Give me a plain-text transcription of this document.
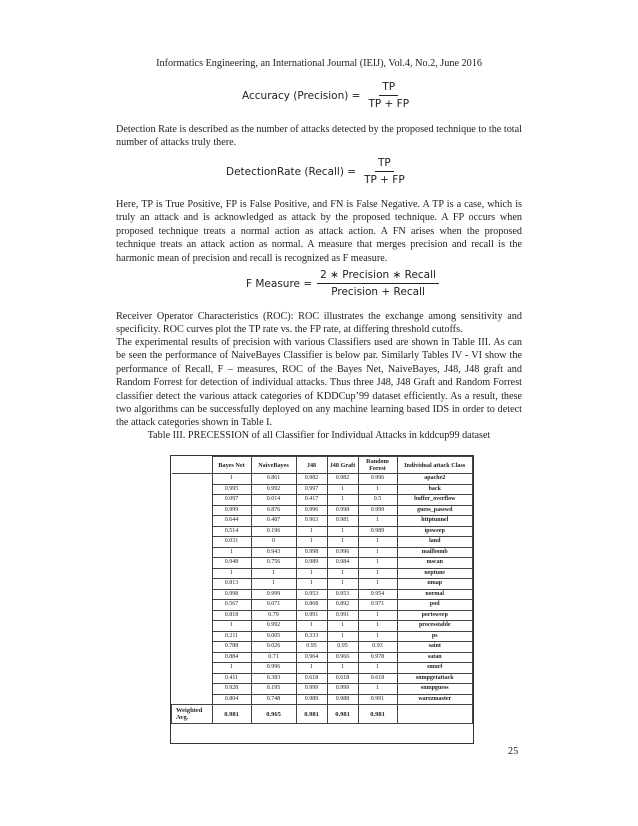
Informatics Engineering, an International Journal (IEIJ), Vol.4, No.2, June 2016
Accuracy (Precision) = $\frac{TP}{TP + FP}$
Detection Rate is described as the number of attacks detected by the proposed technique to the total number of attacks truly there.
DetectionRate (Recall) = $\frac{TP}{TP + FP}$
Here, TP is True Positive, FP is False Positive, and FN is False Negative. A TP is a case, which is truly an attack and is acknowledged as attack by the proposed technique. A FP occurs when proposed technique treats a normal action as attack action. A FN arises when the proposed technique treats an attack action as normal. A measure that merges precision and recall is the harmonic mean of precision and recall is recognized as F measure.
F Measure = $\frac{\text{2 ∗ Precision ∗ Recall}}{\text{Precision + Recall}}$
Receiver Operator Characteristics (ROC): ROC illustrates the exchange among sensitivity and specificity. ROC curves plot the TP rate vs. the FP rate, at differing threshold cutoffs.
The experimental results of precision with various Classifiers used are shown in Table III. As can be seen the performance of NaiveBayes Classifier is below par. Similarly Tables IV - VI show the performance of Recall, F – measures, ROC of the Bayes Net, NaiveBayes, J48, J48 graft and Random Forrest for detection of individual attacks. Thus three J48, J48 Graft and Random Forrest classifier detect the various attack categories of KDDCup’99 dataset efficiently. As a result, these two algorithms can be successfully deployed on any machine learning based IDS in order to detect the attack categories shown in Table I.
Table III. PRECESSION of all Classifier for Individual Attacks in kddcup99 dataset
	Bayes Net	NaiveBayes	J48	J48 Graft	Random Forest	Individual attack Class
	1	0.861	0.982	0.982	0.996	apache2
	0.995	0.992	0.997	1	1	back
	0.097	0.014	0.417	1	0.5	buffer_overflow
	0.999	0.876	0.996	0.998	0.999	guess_passwd
	0.644	0.487	0.963	0.981	1	httptunnel
	0.514	0.196	1	1	0.989	ipsweep
	0.031	0	1	1	1	land
	1	0.943	0.998	0.996	1	mailbomb
	0.948	0.756	0.989	0.984	1	mscan
	1	1	1	1	1	neptune
	0.813	1	1	1	1	nmap
	0.998	0.999	0.953	0.953	0.954	normal
	0.567	0.071	0.868	0.892	0.971	pod
	0.818	0.79	0.991	0.991	1	portsweep
	1	0.992	1	1	1	processtable
	0.211	0.005	0.333	1	1	ps
	0.788	0.026	0.95	0.95	0.93	saint
	0.884	0.71	0.964	0.966	0.978	satan
	1	0.996	1	1	1	smurf
	0.411	0.383	0.618	0.618	0.618	snmpgetattack
	0.928	0.195	0.999	0.999	1	snmpguess
	0.804	0.748	0.989	0.988	0.991	warezmaster
Weighted Avg.	0.981	0.965	0.981	0.981	0.981	
25
